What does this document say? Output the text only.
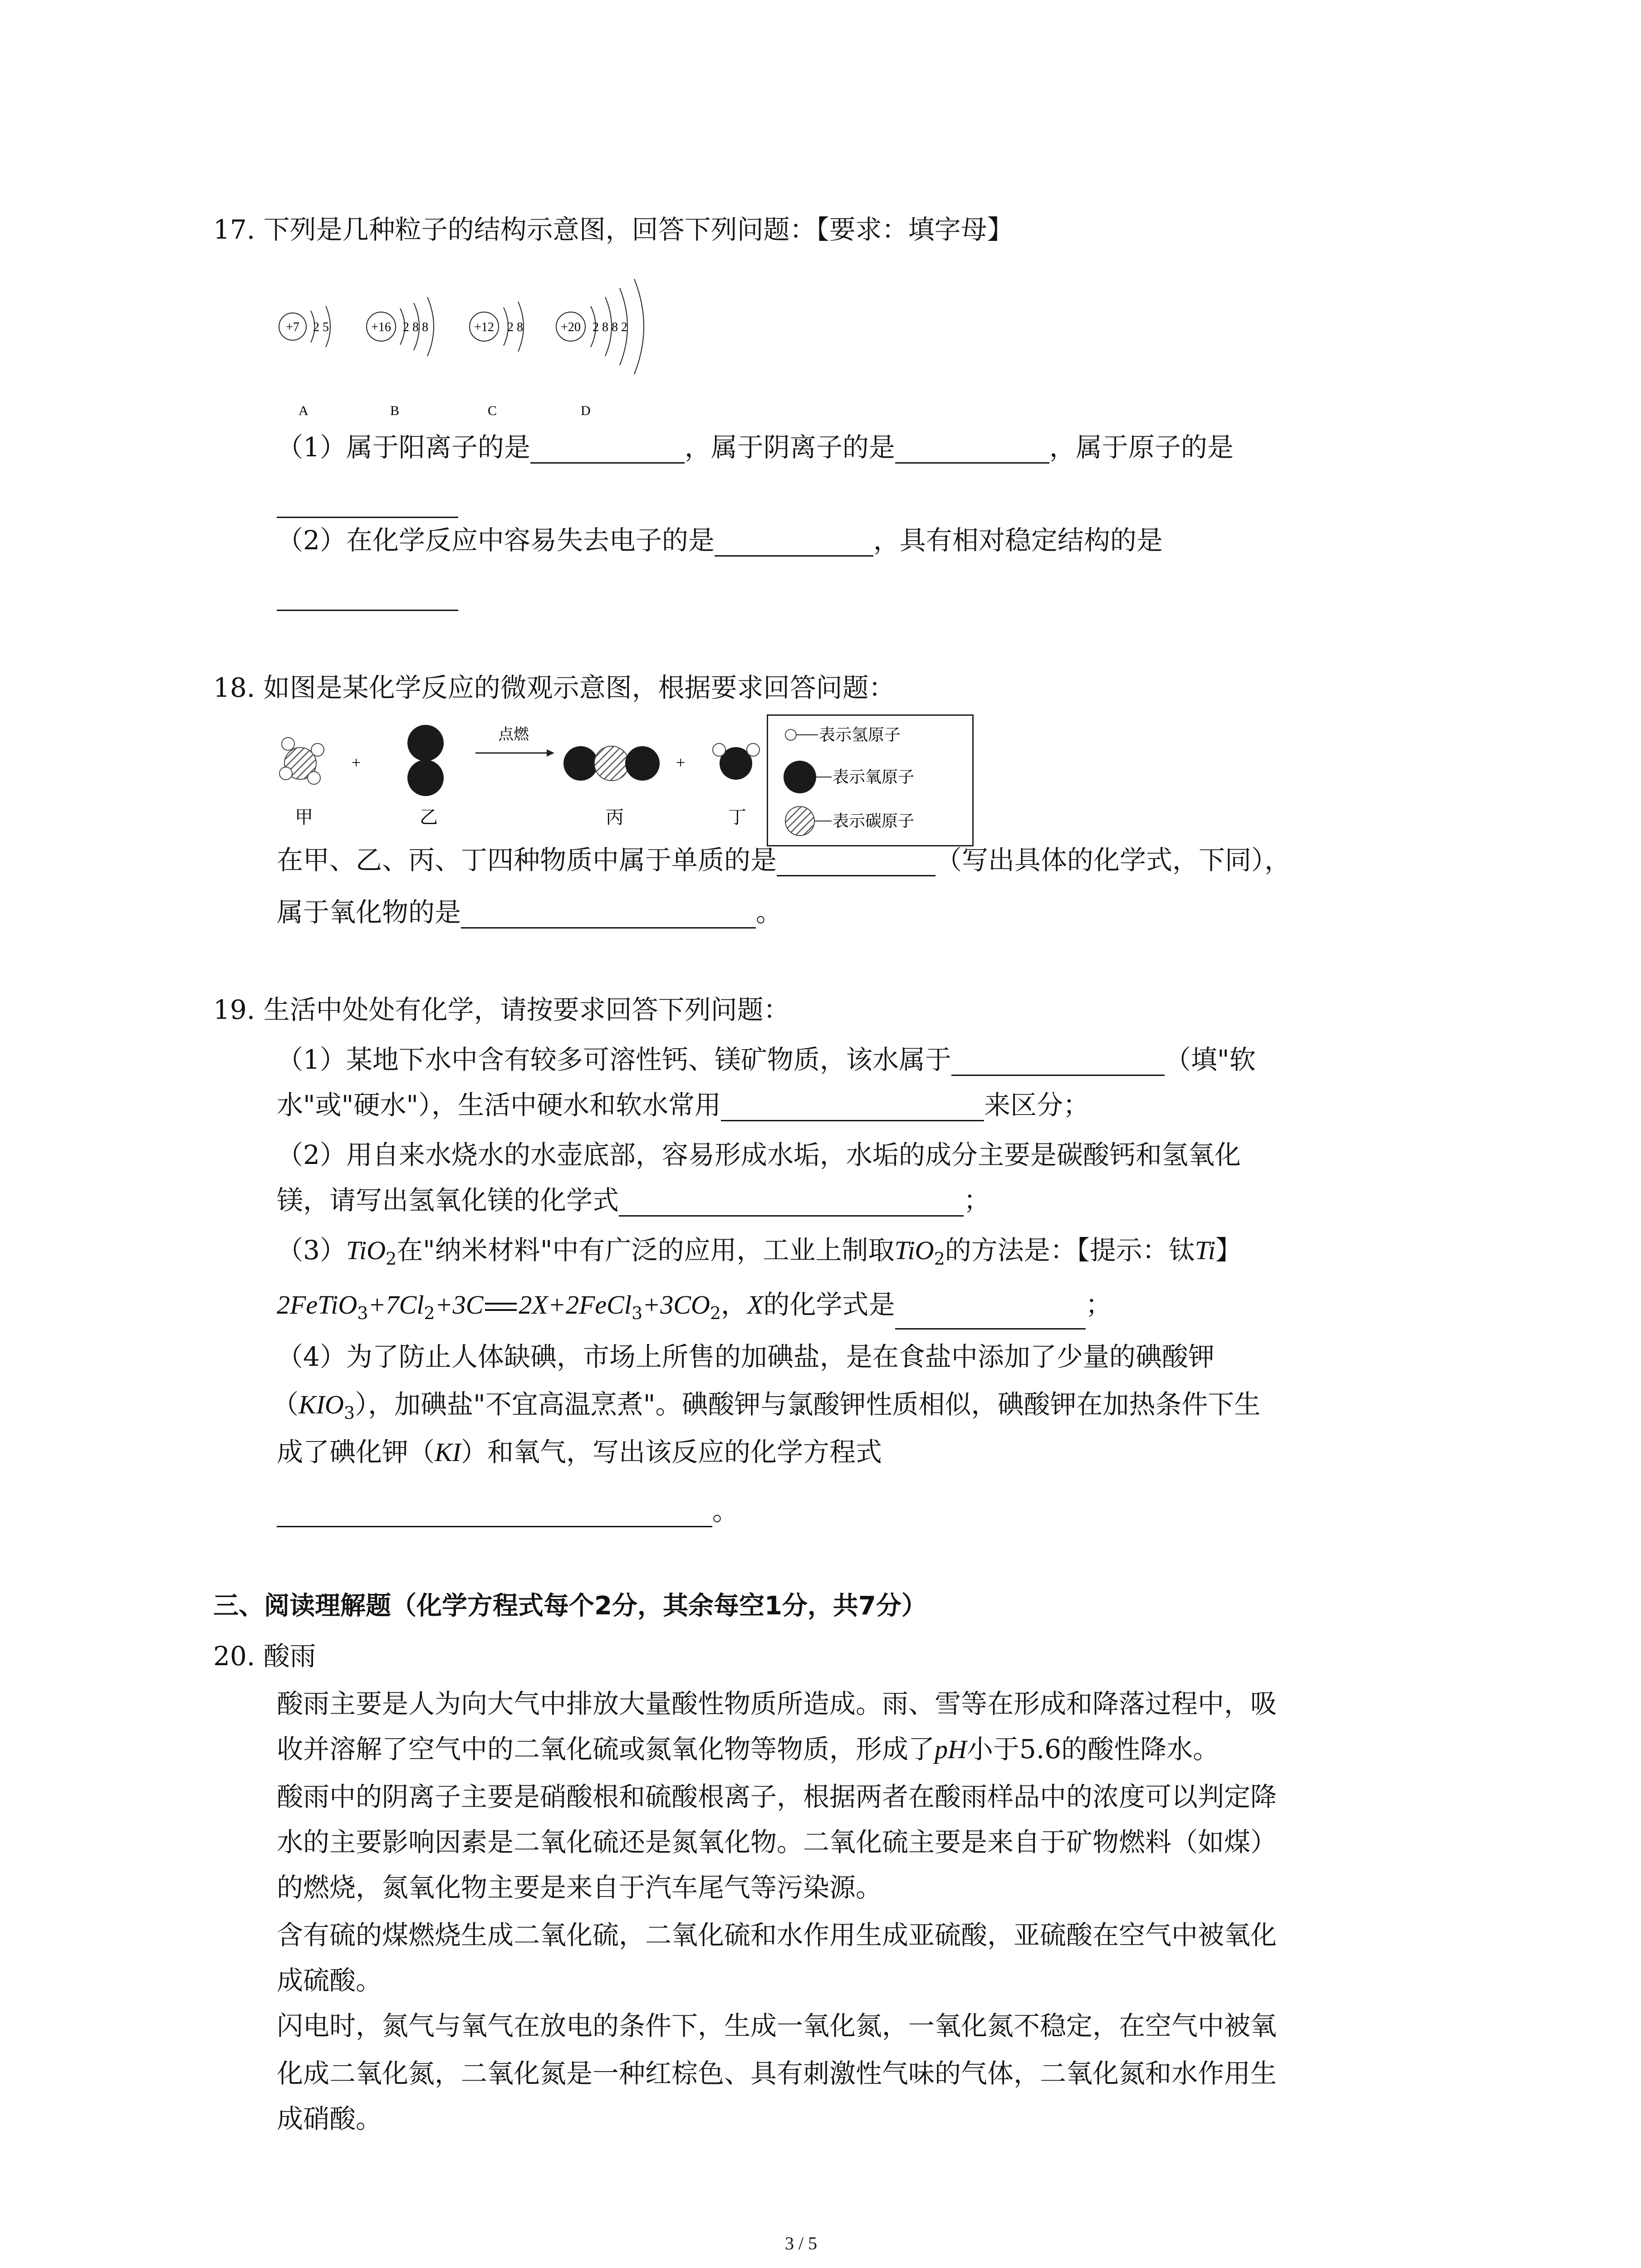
17. 下列是几种粒子的结构示意图，回答下列问题：【要求：填字母】
+7 2 5
A
+16 2 8 8
B
+12 2 8
C
+20 2 8 8 2
D
（1）属于阳离子的是	，属于阴离子的是	，属于原子的是
（2）在化学反应中容易失去电子的是	，具有相对稳定结构的是
18. 如图是某化学反应的微观示意图，根据要求回答问题：
甲
+
乙
点燃
丙
+
丁
表示氢原子
表示氧原子
表示碳原子
在甲、乙、丙、丁四种物质中属于单质的是	（写出具体的化学式，下同），
属于氧化物的是	。
19. 生活中处处有化学，请按要求回答下列问题：
（1）某地下水中含有较多可溶性钙、镁矿物质，该水属于	（填"软
水"或"硬水"），生活中硬水和软水常用	来区分；
（2）用自来水烧水的水壶底部，容易形成水垢，水垢的成分主要是碳酸钙和氢氧化
镁，请写出氢氧化镁的化学式	；
（3）TiO$_2$在"纳米材料"中有广泛的应用，工业上制取TiO$_2$的方法是：【提示：钛Ti】
$2FeTiO_3+7Cl_2+3C$ $2X+2FeCl_3+3CO_2$，X的化学式是	；
（4）为了防止人体缺碘，市场上所售的加碘盐，是在食盐中添加了少量的碘酸钾
$(KIO_3)$，加碘盐"不宜高温烹煮"。碘酸钾与氯酸钾性质相似，碘酸钾在加热条件下生
成了碘化钾（KI）和氧气，写出该反应的化学方程式
。
三、阅读理解题（化学方程式每个2分，其余每空1分，共7分）
20. 酸雨
酸雨主要是人为向大气中排放大量酸性物质所造成。雨、雪等在形成和降落过程中，吸
收并溶解了空气中的二氧化硫或氮氧化物等物质，形成了pH小于5.6的酸性降水。
酸雨中的阴离子主要是硝酸根和硫酸根离子，根据两者在酸雨样品中的浓度可以判定降
水的主要影响因素是二氧化硫还是氮氧化物。二氧化硫主要是来自于矿物燃料（如煤）
的燃烧，氮氧化物主要是来自于汽车尾气等污染源。
含有硫的煤燃烧生成二氧化硫，二氧化硫和水作用生成亚硫酸，亚硫酸在空气中被氧化
成硫酸。
闪电时，氮气与氧气在放电的条件下，生成一氧化氮，一氧化氮不稳定，在空气中被氧
化成二氧化氮，二氧化氮是一种红棕色、具有刺激性气味的气体，二氧化氮和水作用生
成硝酸。
3 / 5
